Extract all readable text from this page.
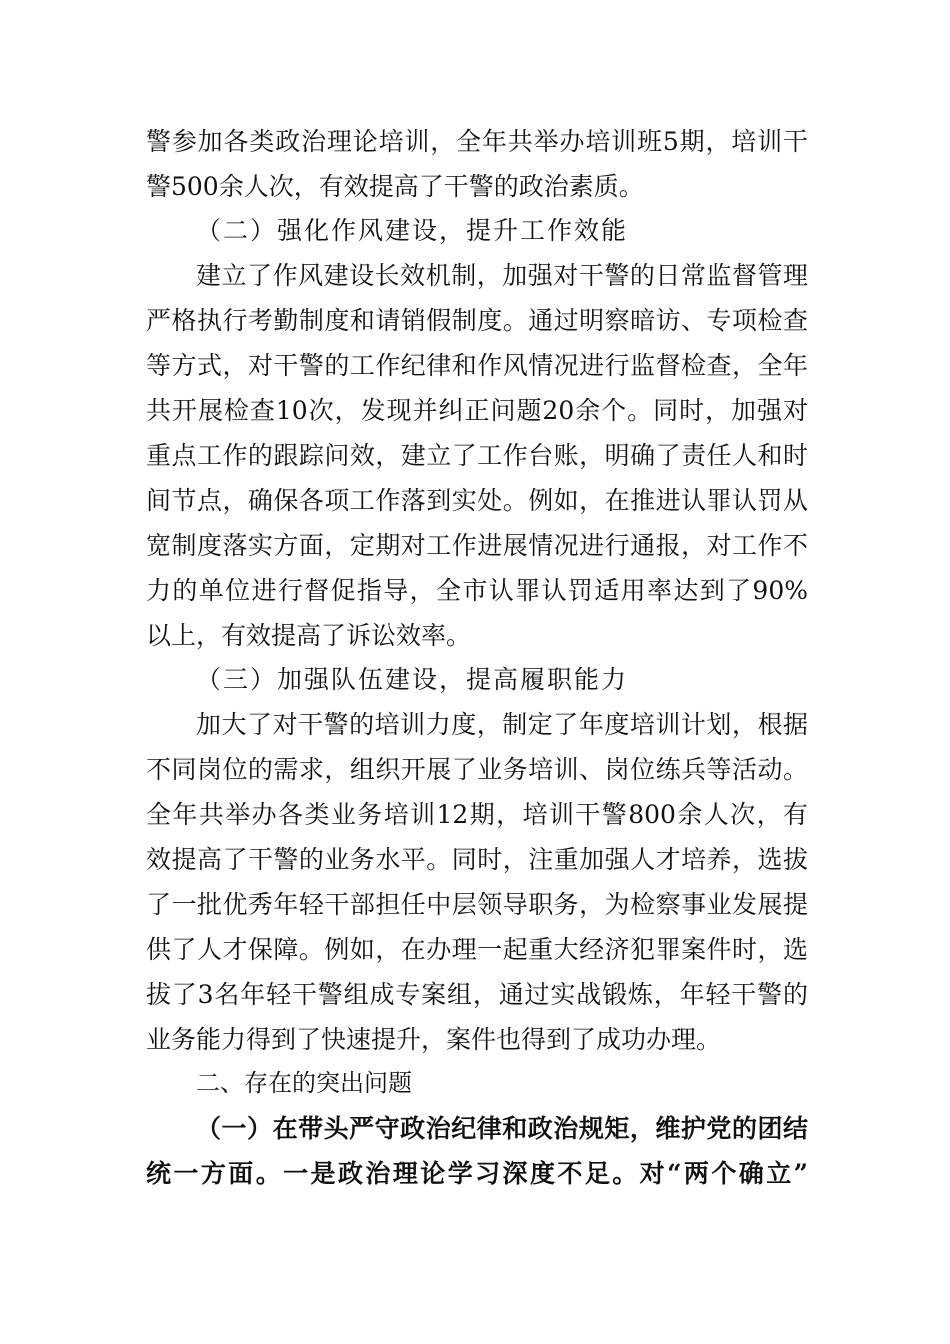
警参加各类政治理论培训，全年共举办培训班5期，培训干
警500余人次，有效提高了干警的政治素质。
（二）强化作风建设，提升工作效能
建立了作风建设长效机制，加强对干警的日常监督管理
严格执行考勤制度和请销假制度。通过明察暗访、专项检查
等方式，对干警的工作纪律和作风情况进行监督检查，全年
共开展检查10次，发现并纠正问题20余个。同时，加强对
重点工作的跟踪问效，建立了工作台账，明确了责任人和时
间节点，确保各项工作落到实处。例如，在推进认罪认罚从
宽制度落实方面，定期对工作进展情况进行通报，对工作不
力的单位进行督促指导，全市认罪认罚适用率达到了90%
以上，有效提高了诉讼效率。
（三）加强队伍建设，提高履职能力
加大了对干警的培训力度，制定了年度培训计划，根据
不同岗位的需求，组织开展了业务培训、岗位练兵等活动。
全年共举办各类业务培训12期，培训干警800余人次，有
效提高了干警的业务水平。同时，注重加强人才培养，选拔
了一批优秀年轻干部担任中层领导职务，为检察事业发展提
供了人才保障。例如，在办理一起重大经济犯罪案件时，选
拔了3名年轻干警组成专案组，通过实战锻炼，年轻干警的
业务能力得到了快速提升，案件也得到了成功办理。
二、存在的突出问题
（一）在带头严守政治纪律和政治规矩，维护党的团结
统一方面。一是政治理论学习深度不足。对“两个确立”
